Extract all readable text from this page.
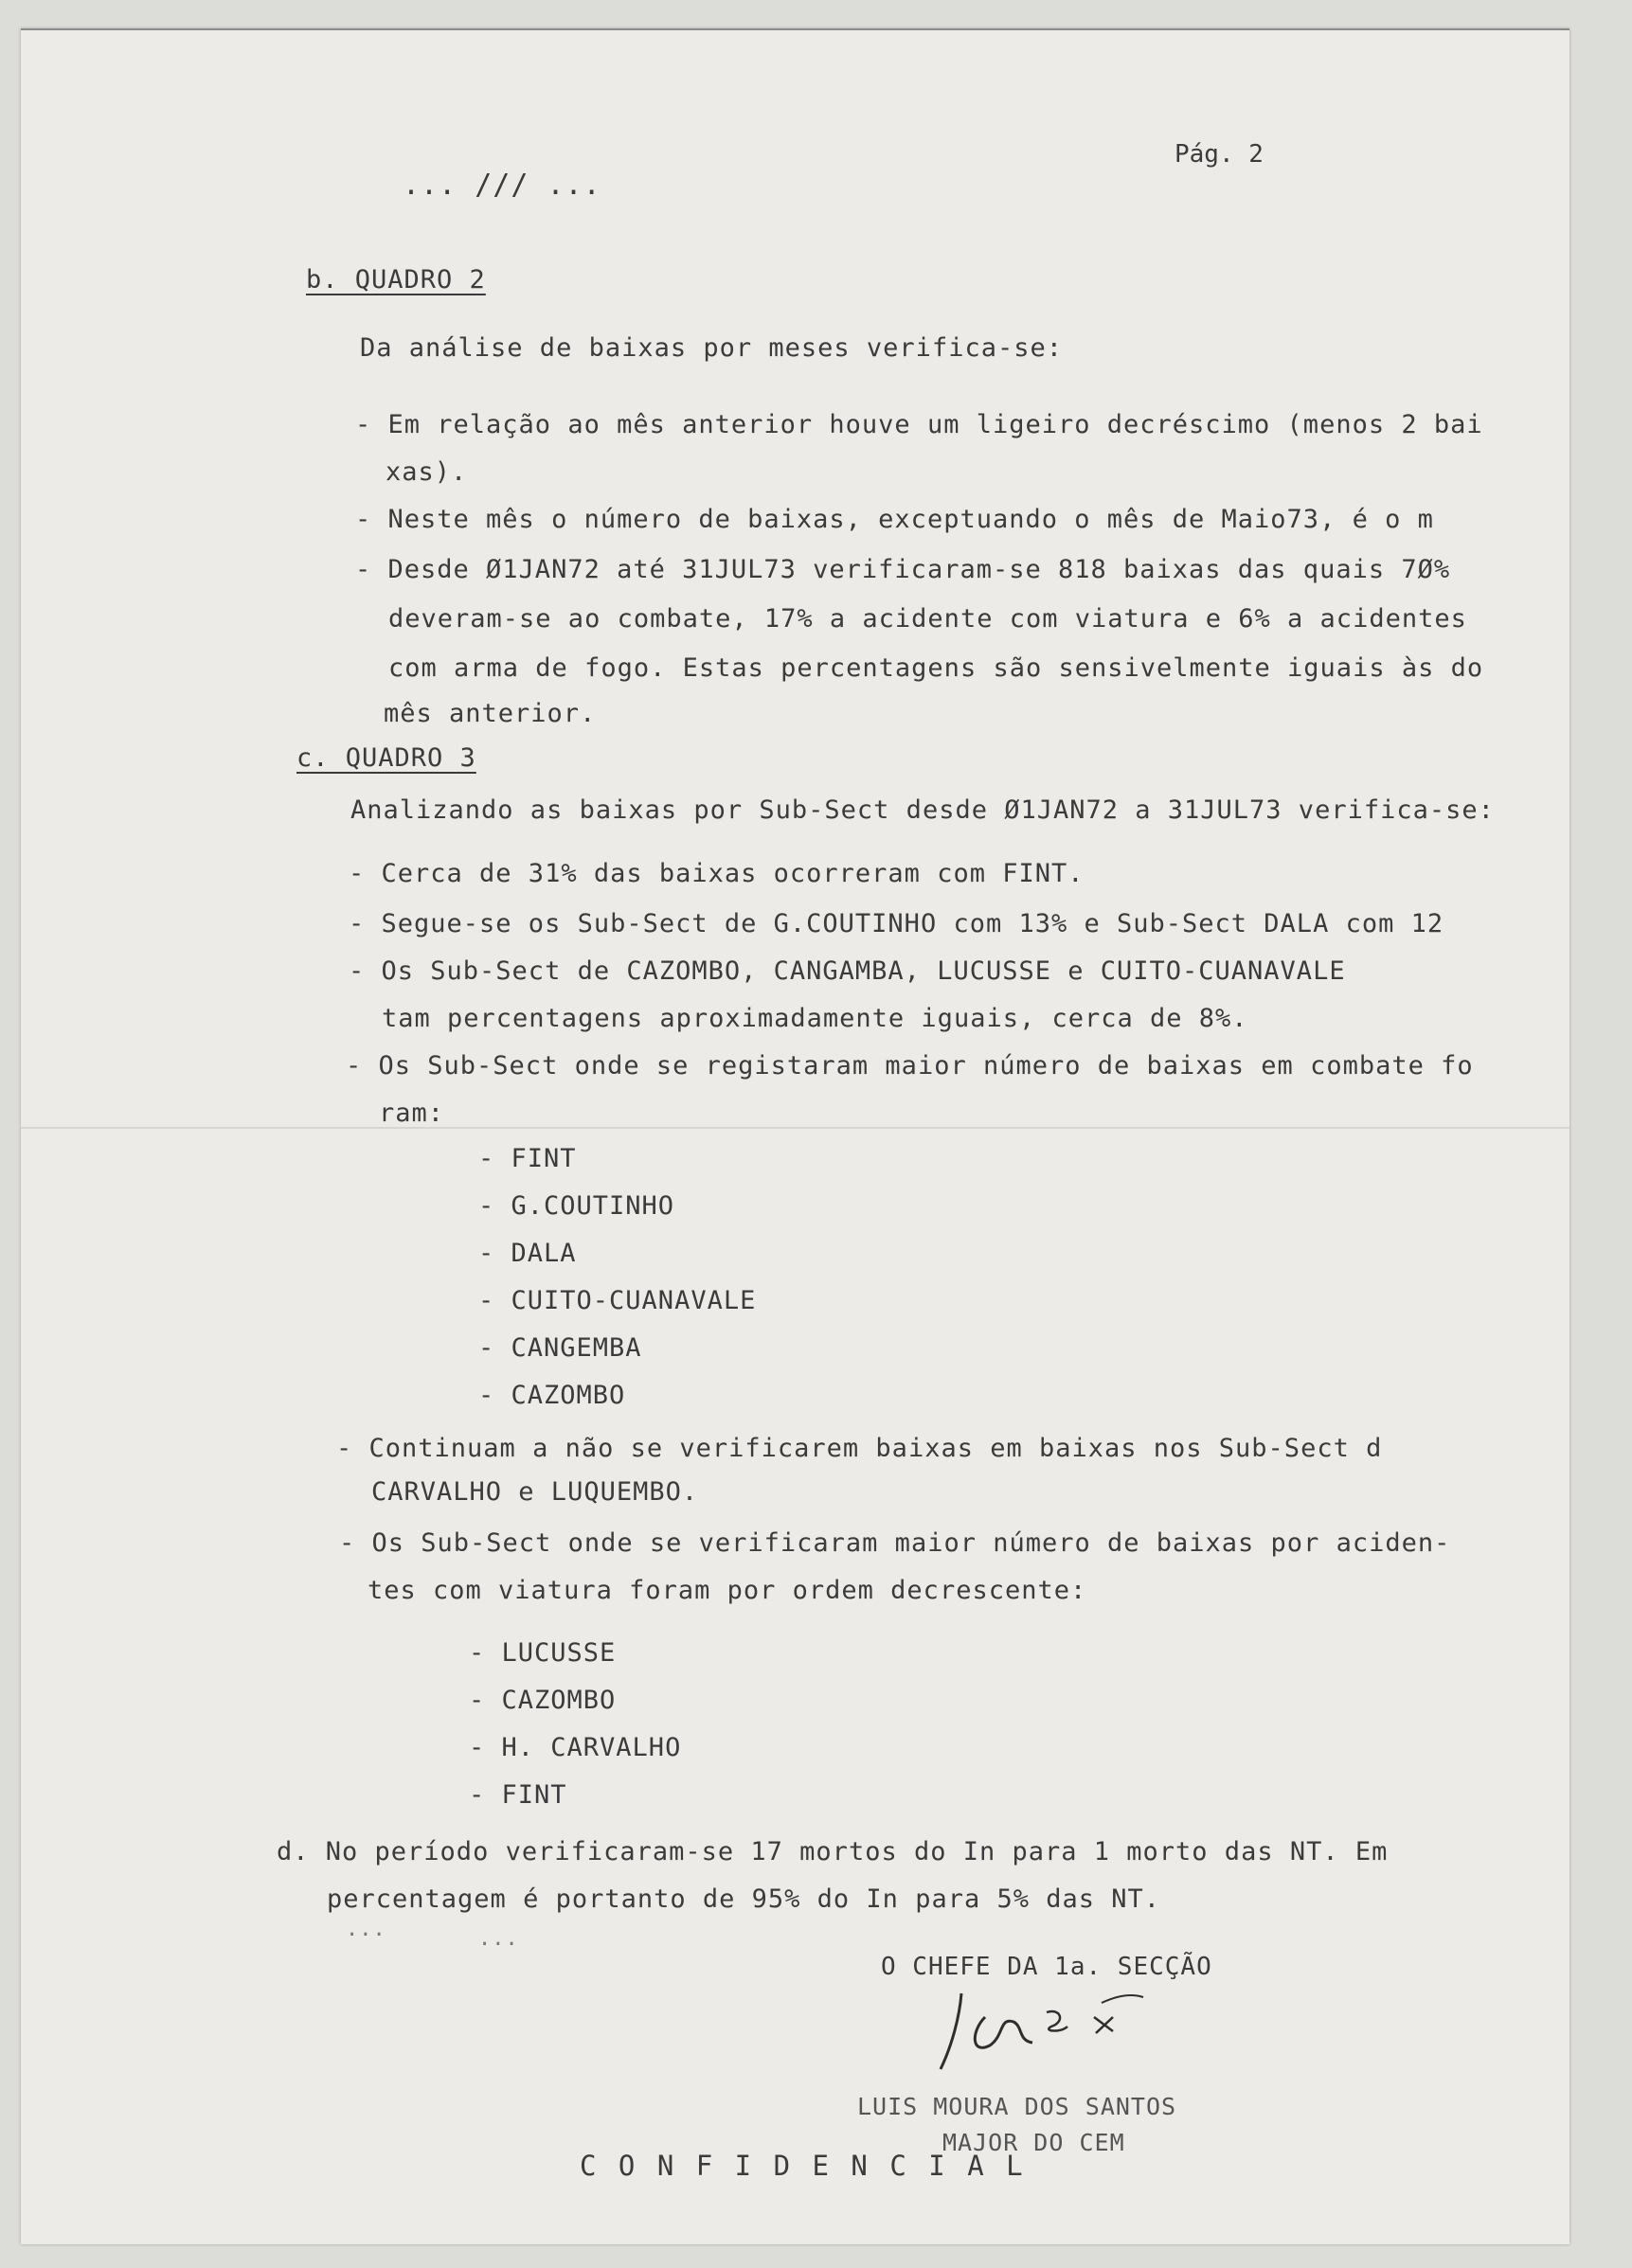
... /// ...
Pág. 2
b. QUADRO 2
Da análise de baixas por meses verifica-se:
- Em relação ao mês anterior houve um ligeiro decréscimo (menos 2 bai
xas).
- Neste mês o número de baixas, exceptuando o mês de Maio73, é o m
- Desde Ø1JAN72 até 31JUL73 verificaram-se 818 baixas das quais 7Ø%
deveram-se ao combate, 17% a acidente com viatura e 6% a acidentes
com arma de fogo. Estas percentagens são sensivelmente iguais às do
mês anterior.
c. QUADRO 3
Analizando as baixas por Sub-Sect desde Ø1JAN72 a 31JUL73 verifica-se:
- Cerca de 31% das baixas ocorreram com FINT.
- Segue-se os Sub-Sect de G.COUTINHO com 13% e Sub-Sect DALA com 12
- Os Sub-Sect de CAZOMBO, CANGAMBA, LUCUSSE e CUITO-CUANAVALE
tam percentagens aproximadamente iguais, cerca de 8%.
- Os Sub-Sect onde se registaram maior número de baixas em combate fo
ram:
- FINT
- G.COUTINHO
- DALA
- CUITO-CUANAVALE
- CANGEMBA
- CAZOMBO
- Continuam a não se verificarem baixas em baixas nos Sub-Sect d
CARVALHO e LUQUEMBO.
- Os Sub-Sect onde se verificaram maior número de baixas por aciden-
tes com viatura foram por ordem decrescente:
- LUCUSSE
- CAZOMBO
- H. CARVALHO
- FINT
d. No período verificaram-se 17 mortos do In para 1 morto das NT. Em
percentagem é portanto de 95% do In para 5% das NT.
...	...
O CHEFE DA 1a. SECÇÃO
LUIS MOURA DOS SANTOS
MAJOR DO CEM
C O N F I D E N C I A L
